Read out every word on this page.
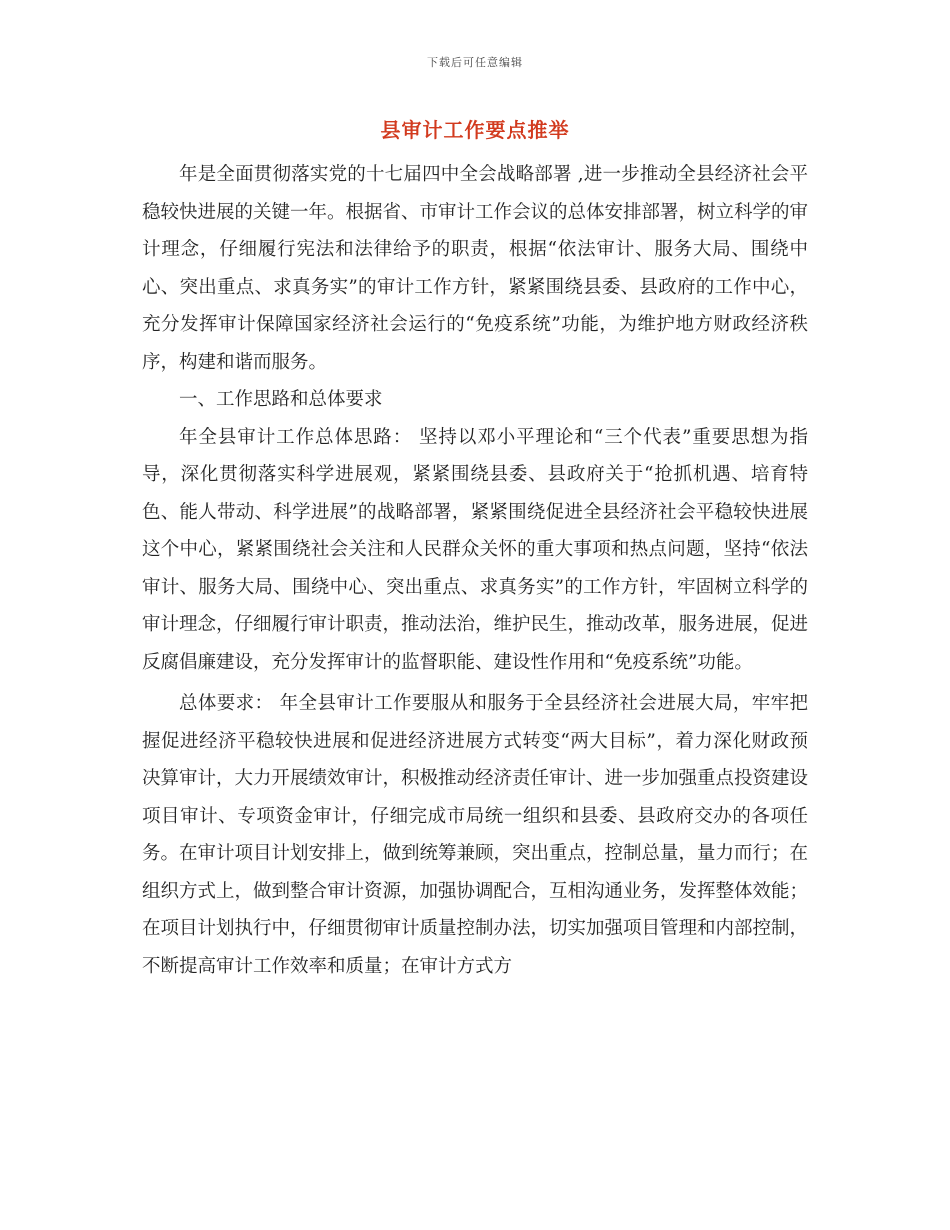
下载后可任意编辑
县审计工作要点推举

年是全面贯彻落实党的十七届四中全会战略部署 ,进一步推动全县经济社会平稳较快进展的关键一年。根据省、市审计工作会议的总体安排部署，树立科学的审计理念，仔细履行宪法和法律给予的职责，根据“依法审计、服务大局、围绕中心、突出重点、求真务实”的审计工作方针，紧紧围绕县委、县政府的工作中心，充分发挥审计保障国家经济社会运行的“免疫系统”功能，为维护地方财政经济秩序，构建和谐而服务。

一、工作思路和总体要求

年全县审计工作总体思路： 坚持以邓小平理论和“三个代表”重要思想为指导，深化贯彻落实科学进展观，紧紧围绕县委、县政府关于“抢抓机遇、培育特色、能人带动、科学进展”的战略部署，紧紧围绕促进全县经济社会平稳较快进展这个中心，紧紧围绕社会关注和人民群众关怀的重大事项和热点问题，坚持“依法审计、服务大局、围绕中心、突出重点、求真务实”的工作方针，牢固树立科学的审计理念，仔细履行审计职责，推动法治，维护民生，推动改革，服务进展，促进反腐倡廉建设，充分发挥审计的监督职能、建设性作用和“免疫系统”功能。

总体要求： 年全县审计工作要服从和服务于全县经济社会进展大局，牢牢把握促进经济平稳较快进展和促进经济进展方式转变“两大目标”，着力深化财政预决算审计，大力开展绩效审计，积极推动经济责任审计、进一步加强重点投资建设项目审计、专项资金审计，仔细完成市局统一组织和县委、县政府交办的各项任务。在审计项目计划安排上，做到统筹兼顾，突出重点，控制总量，量力而行；在组织方式上，做到整合审计资源，加强协调配合，互相沟通业务，发挥整体效能；在项目计划执行中，仔细贯彻审计质量控制办法，切实加强项目管理和内部控制，不断提高审计工作效率和质量；在审计方式方
